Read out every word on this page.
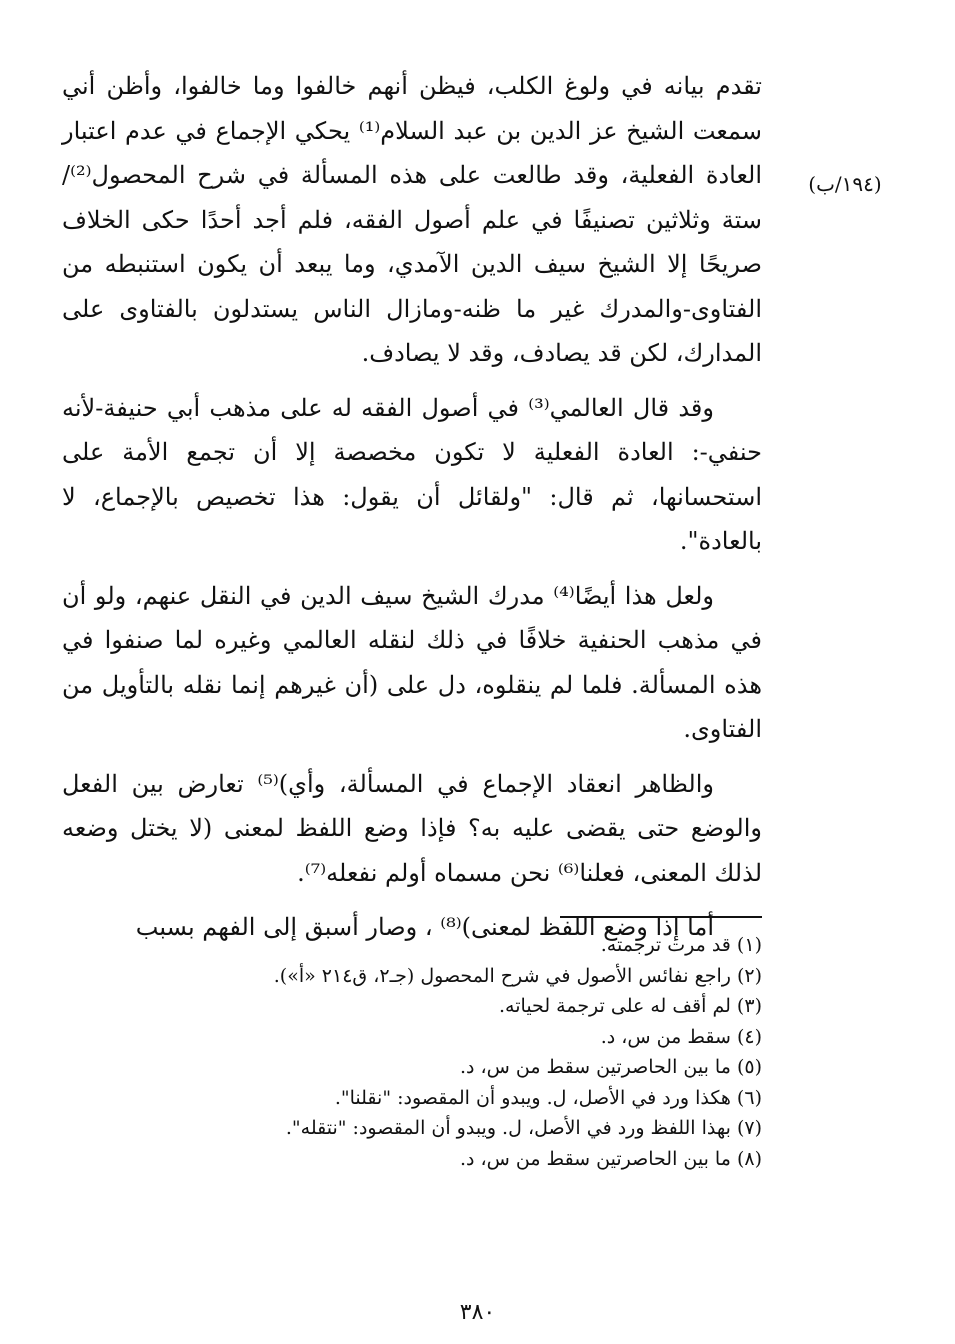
(١٩٤/ب)

تقدم بيانه في ولوغ الكلب، فيظن أنهم خالفوا وما خالفوا، وأظن أني سمعت الشيخ عز الدين بن عبد السلام⁽¹⁾ يحكي الإجماع في عدم اعتبار العادة الفعلية، وقد طالعت على هذه المسألة في شرح المحصول⁽²⁾/ ستة وثلاثين تصنيفًا في علم أصول الفقه، فلم أجد أحدًا حكى الخلاف صريحًا إلا الشيخ سيف الدين الآمدي، وما يبعد أن يكون استنبطه من الفتاوى-والمدرك غير ما ظنه-ومازال الناس يستدلون بالفتاوى على المدارك، لكن قد يصادف، وقد لا يصادف.

وقد قال العالمي⁽³⁾ في أصول الفقه له على مذهب أبي حنيفة-لأنه حنفي-: العادة الفعلية لا تكون مخصصة إلا أن تجمع الأمة على استحسانها، ثم قال: "ولقائل أن يقول: هذا تخصيص بالإجماع، لا بالعادة".

ولعل هذا أيضًا⁽⁴⁾ مدرك الشيخ سيف الدين في النقل عنهم، ولو أن في مذهب الحنفية خلافًا في ذلك لنقله العالمي وغيره لما صنفوا في هذه المسألة. فلما لم ينقلوه، دل على (أن غيرهم إنما نقله بالتأويل من الفتاوى.

والظاهر انعقاد الإجماع في المسألة، وأي)⁽⁵⁾ تعارض بين الفعل والوضع حتى يقضى عليه به؟ فإذا وضع اللفظ لمعنى (لا يختل وضعه لذلك المعنى، فعلنا⁽⁶⁾ نحن مسماه أولم نفعله⁽⁷⁾.

أما إذا وضع اللفظ لمعنى)⁽⁸⁾ ، وصار أسبق إلى الفهم بسبب

(١) قد مرت ترجمته.

(٢) راجع نفائس الأصول في شرح المحصول (جـ٢، ق٢١٤ «أ»).

(٣) لم أقف له على ترجمة لحياته.

(٤) سقط من س، د.

(٥) ما بين الحاصرتين سقط من س، د.

(٦) هكذا ورد في الأصل، ل. ويبدو أن المقصود: "نقلنا".

(٧) بهذا اللفظ ورد في الأصل، ل. ويبدو أن المقصود: "نتقله".

(٨) ما بين الحاصرتين سقط من س، د.

٣٨٠
